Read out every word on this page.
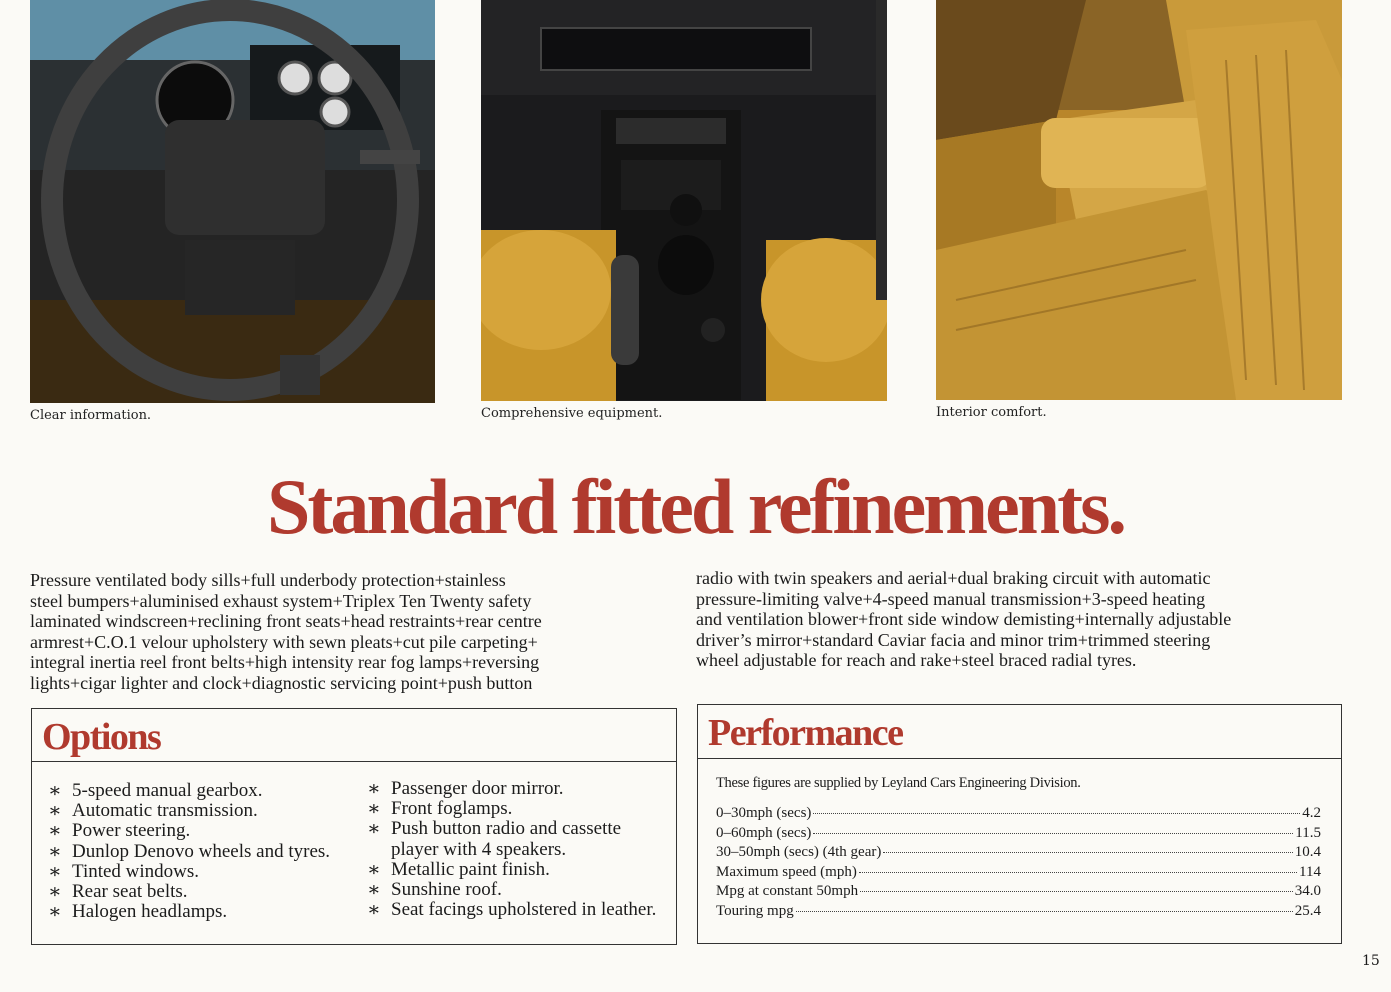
Clear information.	Comprehensive equipment.	Interior comfort.
Standard fitted refinements.
Pressure ventilated body sills+full underbody protection+stainless
steel bumpers+aluminised exhaust system+Triplex Ten Twenty safety
laminated windscreen+reclining front seats+head restraints+rear centre
armrest+C.O.1 velour upholstery with sewn pleats+cut pile carpeting+
integral inertia reel front belts+high intensity rear fog lamps+reversing
lights+cigar lighter and clock+diagnostic servicing point+push button
radio with twin speakers and aerial+dual braking circuit with automatic
pressure-limiting valve+4-speed manual transmission+3-speed heating
and ventilation blower+front side window demisting+internally adjustable
driver’s mirror+standard Caviar facia and minor trim+trimmed steering
wheel adjustable for reach and rake+steel braced radial tyres.
Options
∗ 5-speed manual gearbox.
∗ Automatic transmission.
∗ Power steering.
∗ Dunlop Denovo wheels and tyres.
∗ Tinted windows.
∗ Rear seat belts.
∗ Halogen headlamps.
∗ Passenger door mirror.
∗ Front foglamps.
∗ Push button radio and cassette player with 4 speakers.
∗ Metallic paint finish.
∗ Sunshine roof.
∗ Seat facings upholstered in leather.
Performance
These figures are supplied by Leyland Cars Engineering Division.
0–30mph (secs)	4.2
0–60mph (secs)	11.5
30–50mph (secs) (4th gear)	10.4
Maximum speed (mph)	114
Mpg at constant 50mph	34.0
Touring mpg	25.4
15
